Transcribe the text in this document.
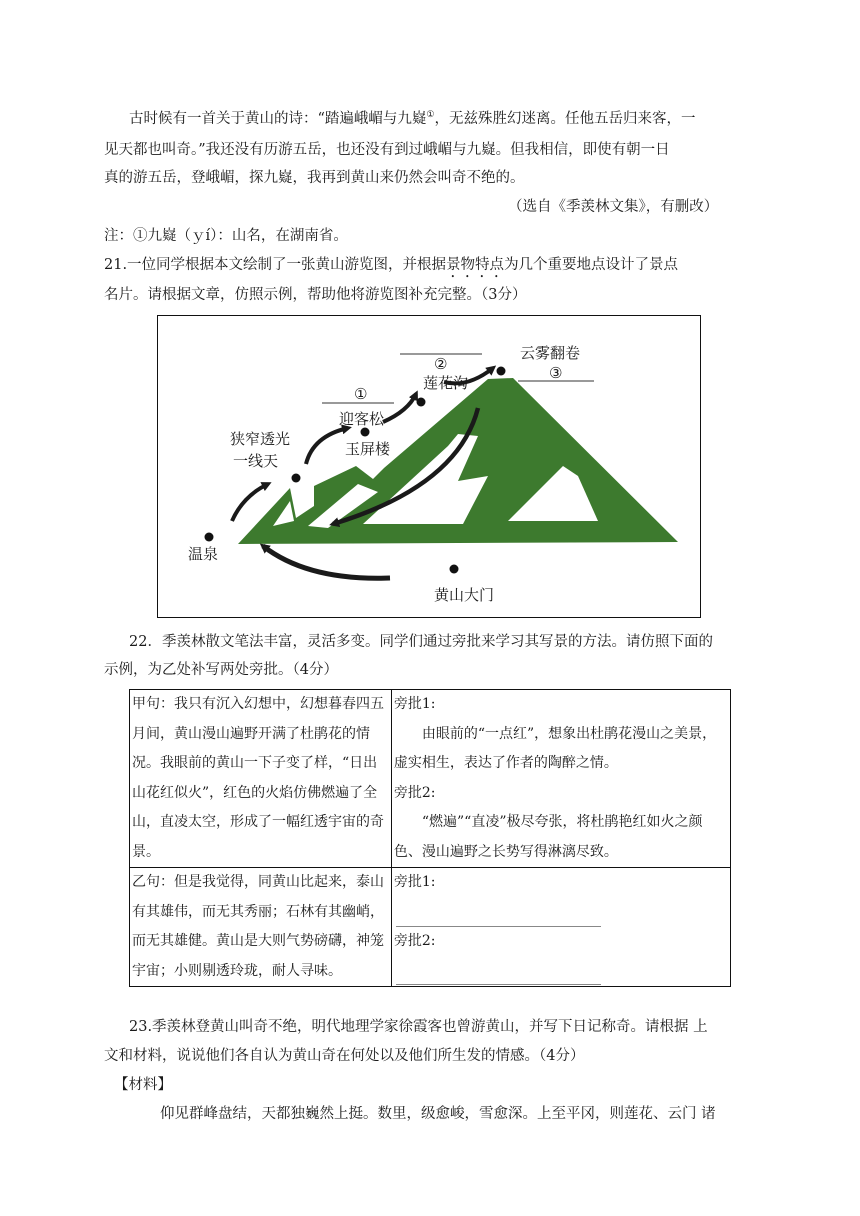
古时候有一首关于黄山的诗：“踏遍峨嵋与九嶷①，无兹殊胜幻迷离。任他五岳归来客，一
见天都也叫奇。”我还没有历游五岳，也还没有到过峨嵋与九嶷。但我相信，即使有朝一日
真的游五岳，登峨嵋，探九嶷，我再到黄山来仍然会叫奇不绝的。
（选自《季羡林文集》，有删改）
注：①九嶷（ｙí）：山名，在湖南省。
21.一位同学根据本文绘制了一张黄山游览图，并根据景物特点为几个重要地点设计了景点
名片。请根据文章，仿照示例，帮助他将游览图补充完整。（3分）
温泉
狭窄透光
一线天
玉屏楼
迎客松
①
莲花沟
②
云雾翻卷
③
黄山大门
22．季羡林散文笔法丰富，灵活多变。同学们通过旁批来学习其写景的方法。请仿照下面的
示例，为乙处补写两处旁批。（4分）
甲句：我只有沉入幻想中，幻想暮春四五月间，黄山漫山遍野开满了杜鹃花的情况。我眼前的黄山一下子变了样，“日出山花红似火”，红色的火焰仿佛燃遍了全山，直凌太空，形成了一幅红透宇宙的奇景。	旁批1:
由眼前的“一点红”，想象出杜鹃花漫山之美景，虚实相生，表达了作者的陶醉之情。
旁批2:
“燃遍”“直凌”极尽夸张，将杜鹃艳红如火之颜色、漫山遍野之长势写得淋漓尽致。

乙句：但是我觉得，同黄山比起来，泰山有其雄伟，而无其秀丽；石林有其幽峭，而无其雄健。黄山是大则气势磅礴，神笼宇宙；小则剔透玲珑，耐人寻味。	旁批1:
旁批2:
23.季羡林登黄山叫奇不绝，明代地理学家徐霞客也曾游黄山，并写下日记称奇。请根据 上
文和材料，说说他们各自认为黄山奇在何处以及他们所生发的情感。（4分）
【材料】
仰见群峰盘结，天都独巍然上挺。数里，级愈峻，雪愈深。上至平冈，则莲花、云门 诸
